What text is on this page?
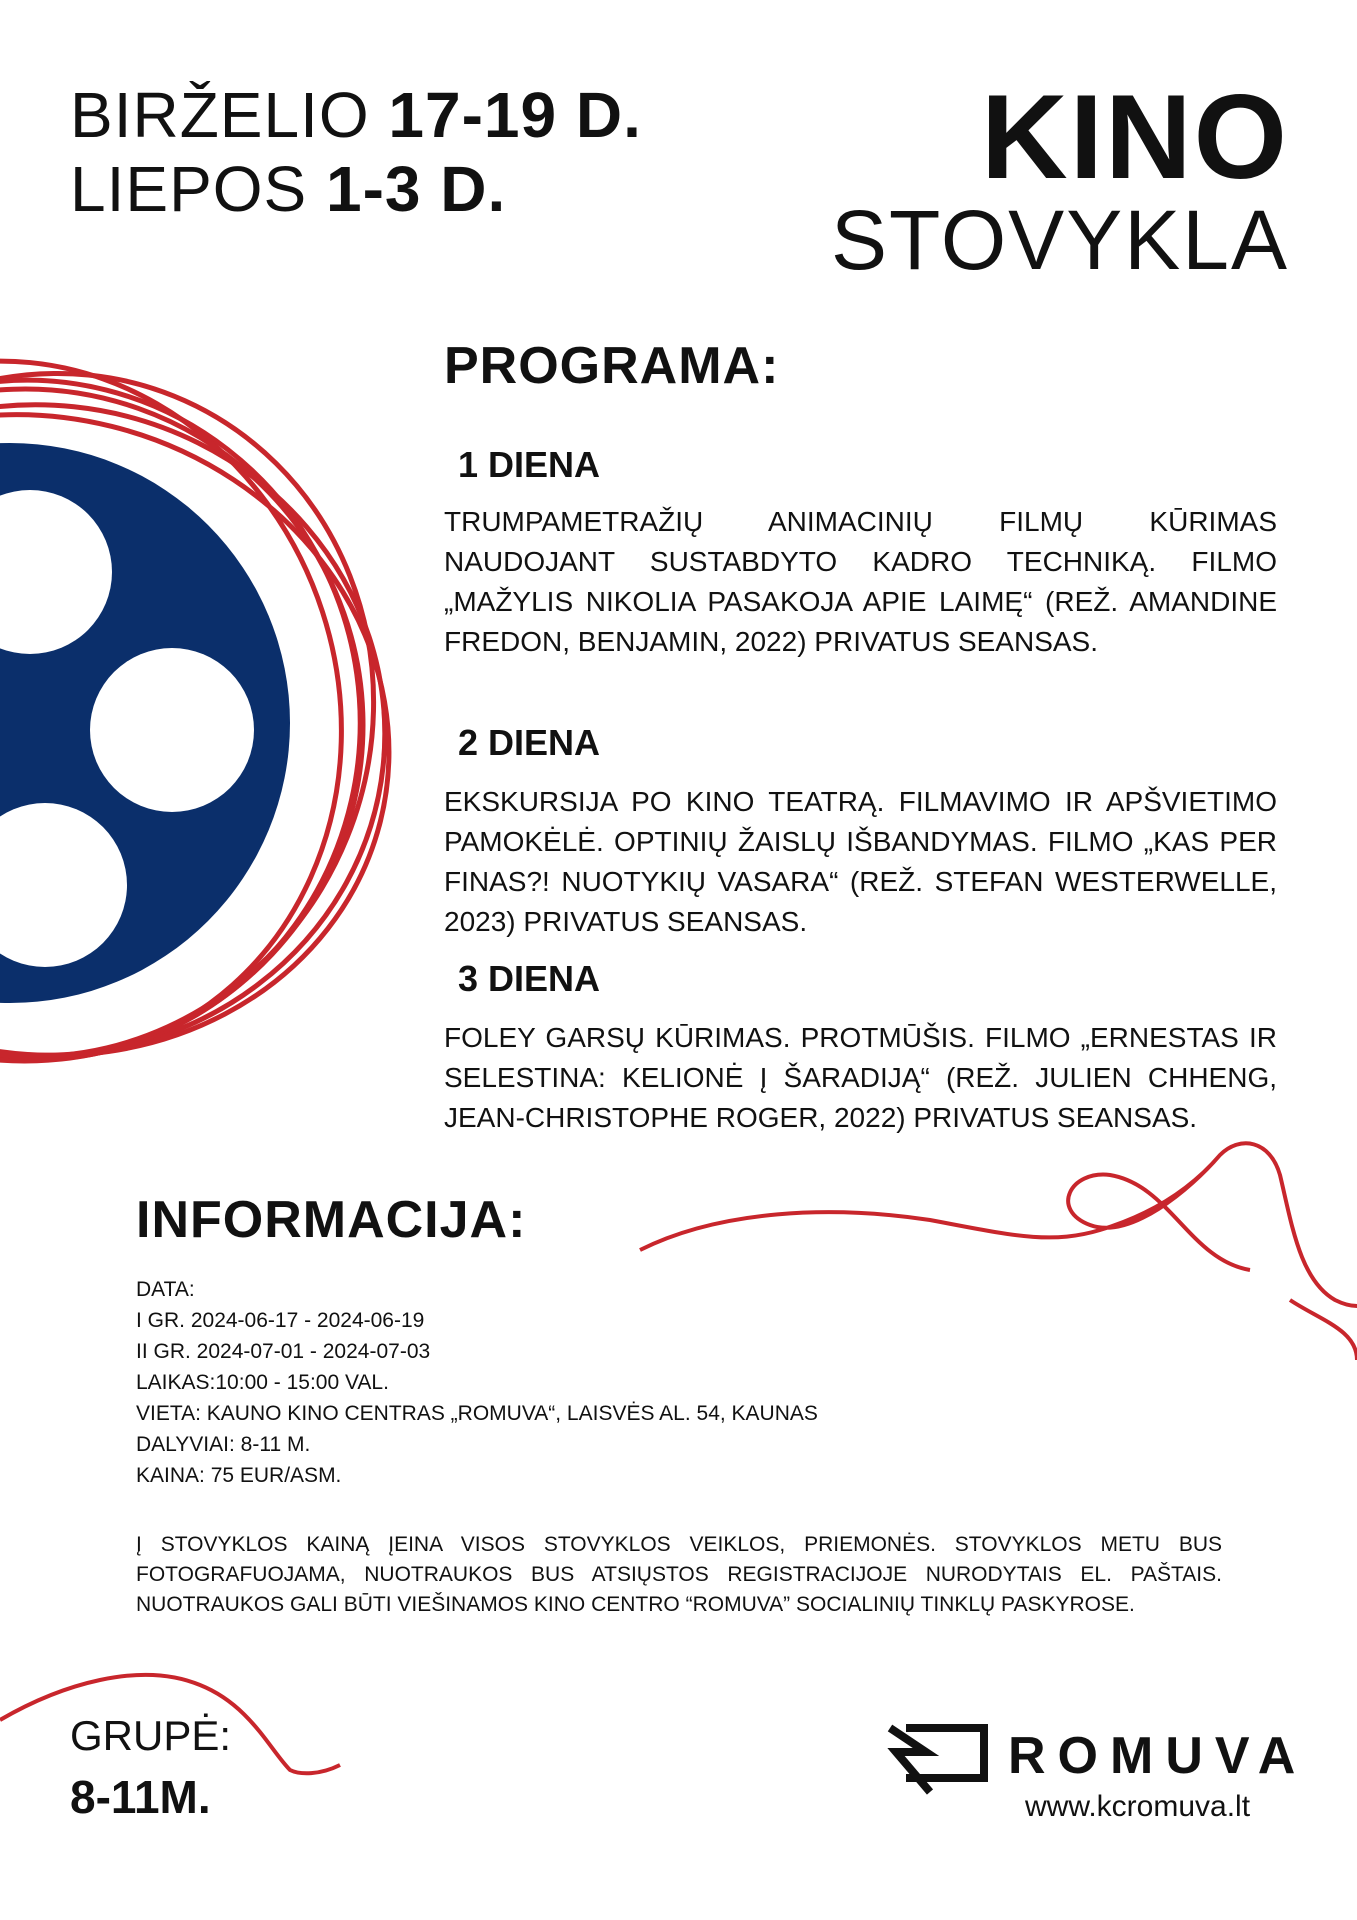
BIRŽELIO 17-19 D.
LIEPOS 1-3 D.	KINO
STOVYKLA
PROGRAMA:
1 DIENA
TRUMPAMETRAŽIŲ ANIMACINIŲ FILMŲ KŪRIMAS NAUDOJANT SUSTABDYTO KADRO TECHNIKĄ. FILMO „MAŽYLIS NIKOLIA PASAKOJA APIE LAIMĘ“ (REŽ. AMANDINE FREDON, BENJAMIN, 2022) PRIVATUS SEANSAS.
2 DIENA
EKSKURSIJA PO KINO TEATRĄ. FILMAVIMO IR APŠVIETIMO PAMOKĖLĖ. OPTINIŲ ŽAISLŲ IŠBANDYMAS. FILMO „KAS PER FINAS?! NUOTYKIŲ VASARA“ (REŽ. STEFAN WESTERWELLE, 2023) PRIVATUS SEANSAS.
3 DIENA
FOLEY GARSŲ KŪRIMAS. PROTMŪŠIS. FILMO „ERNESTAS IR SELESTINA: KELIONĖ Į ŠARADIJĄ“ (REŽ. JULIEN CHHENG, JEAN-CHRISTOPHE ROGER, 2022) PRIVATUS SEANSAS.
INFORMACIJA:
DATA:
I GR. 2024-06-17 - 2024-06-19
II GR. 2024-07-01 - 2024-07-03
LAIKAS:10:00 - 15:00 VAL.
VIETA: KAUNO KINO CENTRAS „ROMUVA“, LAISVĖS AL. 54, KAUNAS
DALYVIAI: 8-11 M.
KAINA: 75 EUR/ASM.
Į STOVYKLOS KAINĄ ĮEINA VISOS STOVYKLOS VEIKLOS, PRIEMONĖS. STOVYKLOS METU BUS FOTOGRAFUOJAMA, NUOTRAUKOS BUS ATSIŲSTOS REGISTRACIJOJE NURODYTAIS EL. PAŠTAIS. NUOTRAUKOS GALI BŪTI VIEŠINAMOS KINO CENTRO “ROMUVA” SOCIALINIŲ TINKLŲ PASKYROSE.
GRUPĖ:
8-11M.
ROMUVA
www.kcromuva.lt
